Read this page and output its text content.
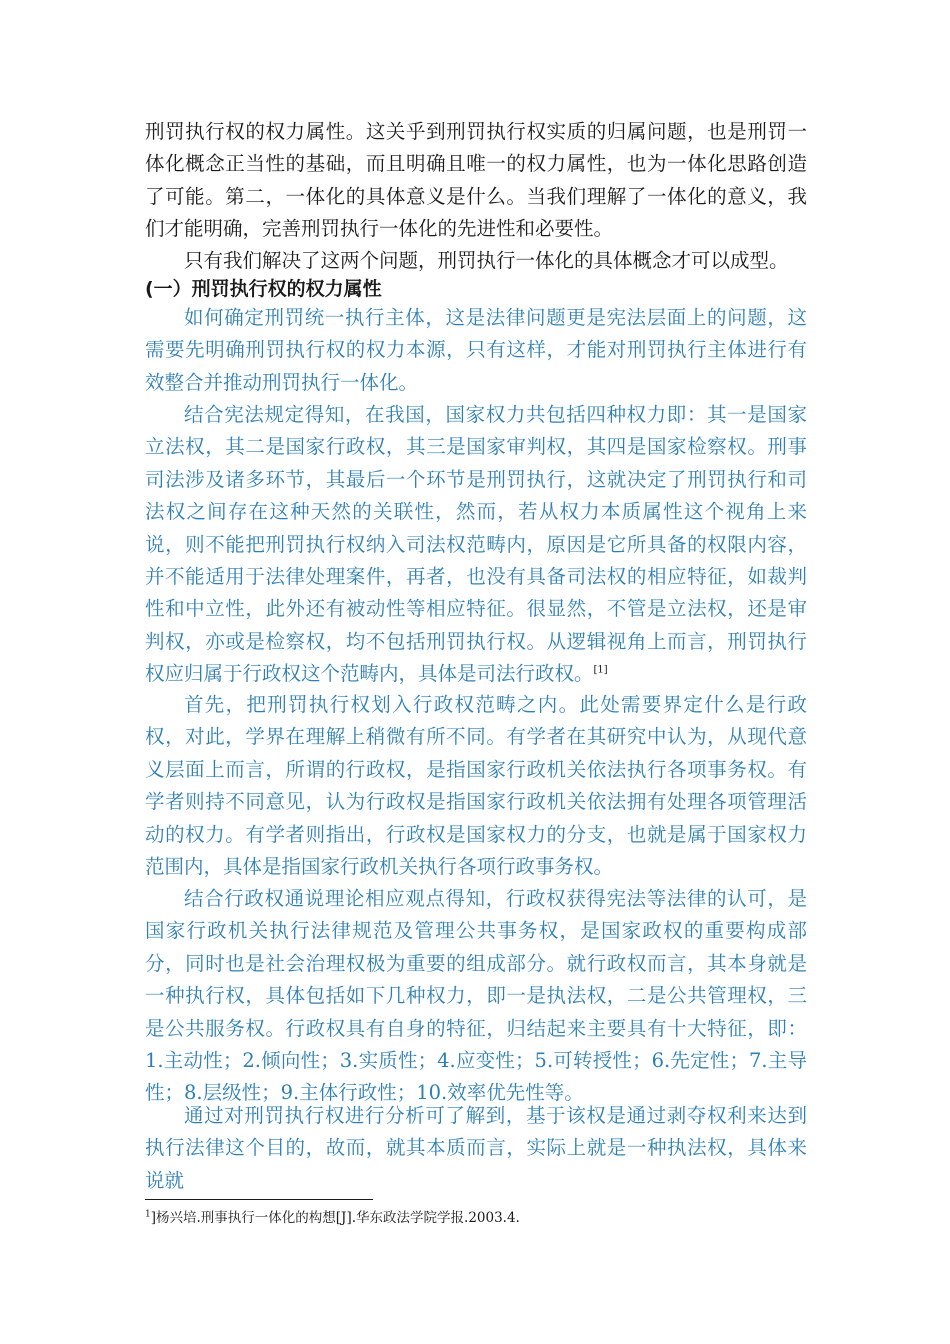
刑罚执行权的权力属性。这关乎到刑罚执行权实质的归属问题，也是刑罚一体化概念正当性的基础，而且明确且唯一的权力属性，也为一体化思路创造了可能。第二，一体化的具体意义是什么。当我们理解了一体化的意义，我们才能明确，完善刑罚执行一体化的先进性和必要性。

只有我们解决了这两个问题，刑罚执行一体化的具体概念才可以成型。

(一）刑罚执行权的权力属性

如何确定刑罚统一执行主体，这是法律问题更是宪法层面上的问题，这需要先明确刑罚执行权的权力本源，只有这样，才能对刑罚执行主体进行有效整合并推动刑罚执行一体化。

结合宪法规定得知，在我国，国家权力共包括四种权力即：其一是国家立法权，其二是国家行政权，其三是国家审判权，其四是国家检察权。刑事司法涉及诸多环节，其最后一个环节是刑罚执行，这就决定了刑罚执行和司法权之间存在这种天然的关联性，然而，若从权力本质属性这个视角上来说，则不能把刑罚执行权纳入司法权范畴内，原因是它所具备的权限内容，并不能适用于法律处理案件，再者，也没有具备司法权的相应特征，如裁判性和中立性，此外还有被动性等相应特征。很显然，不管是立法权，还是审判权，亦或是检察权，均不包括刑罚执行权。从逻辑视角上而言，刑罚执行权应归属于行政权这个范畴内，具体是司法行政权。[1]

首先，把刑罚执行权划入行政权范畴之内。此处需要界定什么是行政权，对此，学界在理解上稍微有所不同。有学者在其研究中认为，从现代意义层面上而言，所谓的行政权，是指国家行政机关依法执行各项事务权。有学者则持不同意见，认为行政权是指国家行政机关依法拥有处理各项管理活动的权力。有学者则指出，行政权是国家权力的分支，也就是属于国家权力范围内，具体是指国家行政机关执行各项行政事务权。

结合行政权通说理论相应观点得知，行政权获得宪法等法律的认可，是国家行政机关执行法律规范及管理公共事务权，是国家政权的重要构成部分，同时也是社会治理权极为重要的组成部分。就行政权而言，其本身就是一种执行权，具体包括如下几种权力，即一是执法权，二是公共管理权，三是公共服务权。行政权具有自身的特征，归结起来主要具有十大特征，即：1.主动性；2.倾向性；3.实质性；4.应变性；5.可转授性；6.先定性；7.主导性；8.层级性；9.主体行政性；10.效率优先性等。

通过对刑罚执行权进行分析可了解到，基于该权是通过剥夺权利来达到执行法律这个目的，故而，就其本质而言，实际上就是一种执法权，具体来说就

$^1$]杨兴培.刑事执行一体化的构想[J].华东政法学院学报.2003.4.
